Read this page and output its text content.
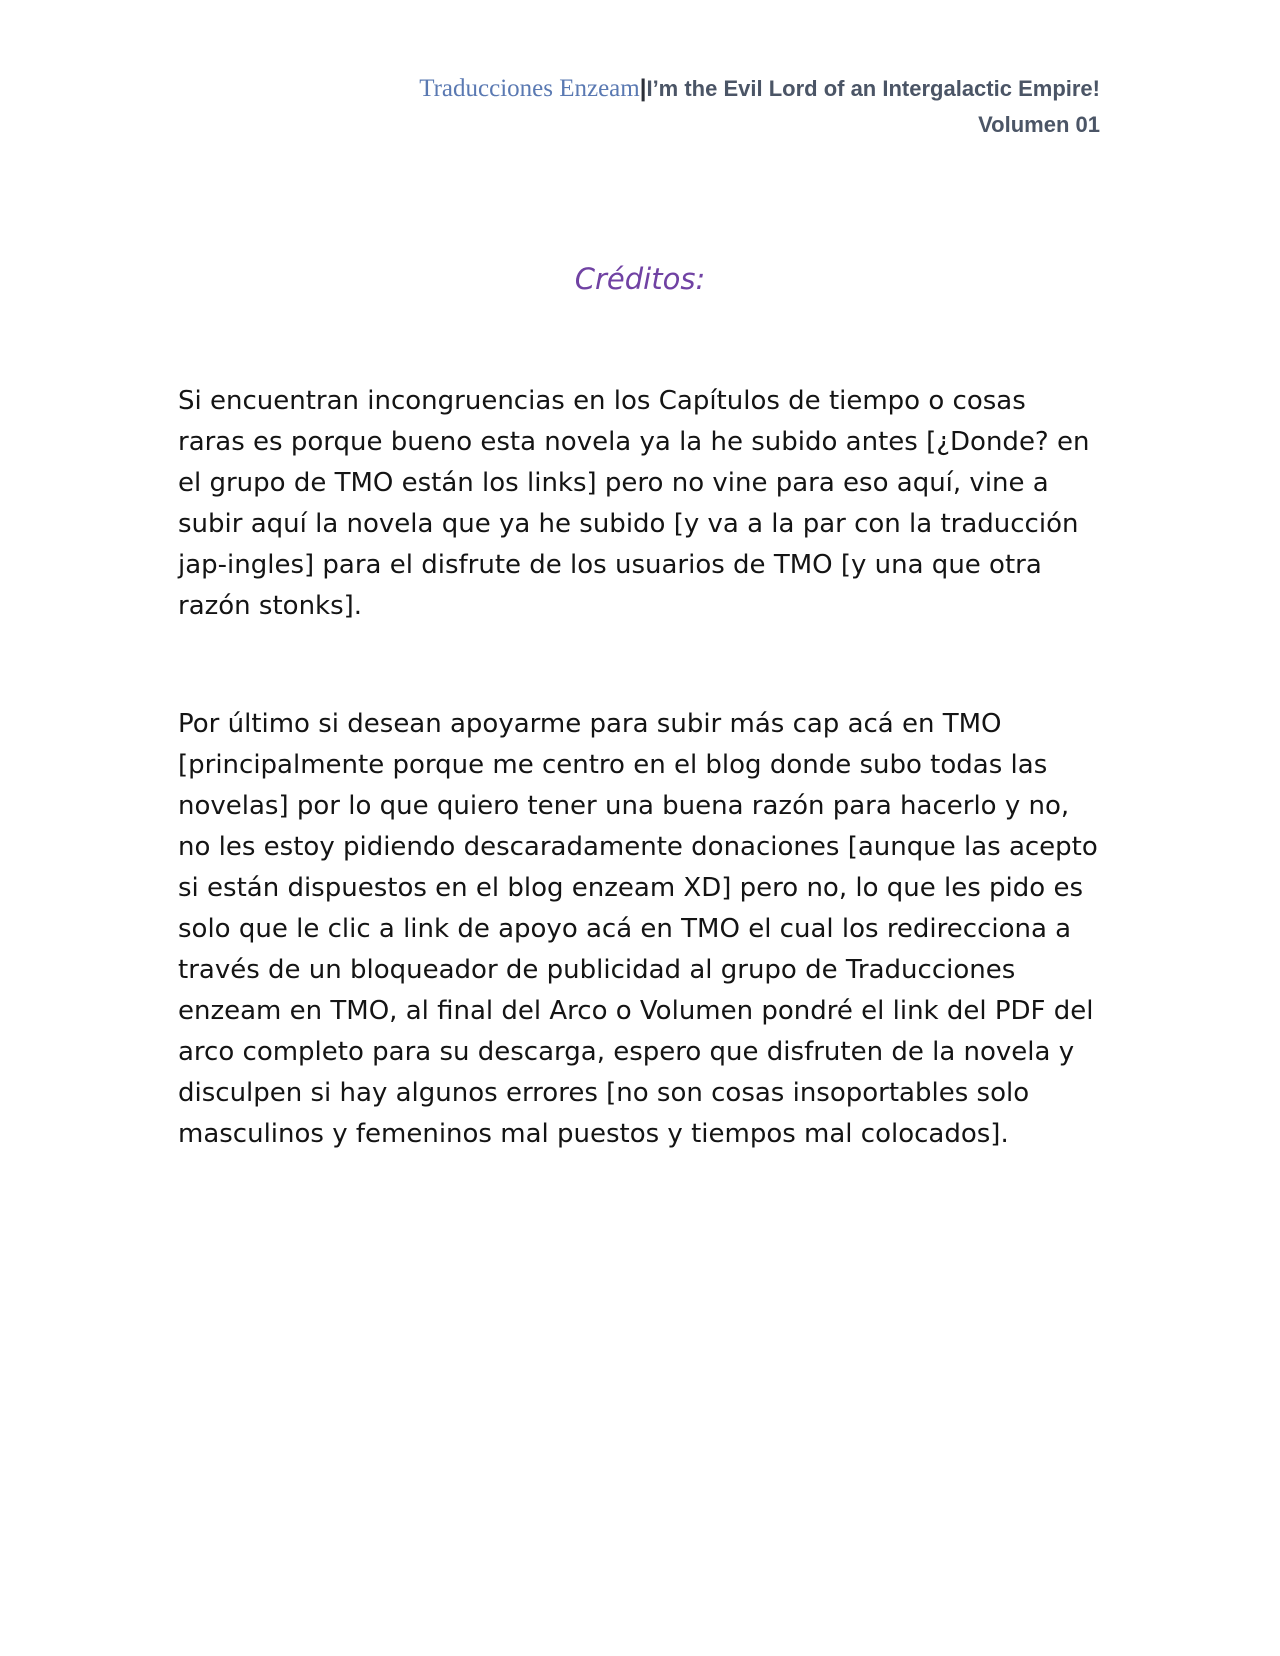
Traducciones Enzeam|I’m the Evil Lord of an Intergalactic Empire!
Volumen 01
Créditos:

Si encuentran incongruencias en los Capítulos de tiempo o cosas raras es porque bueno esta novela ya la he subido antes [¿Donde? en el grupo de TMO están los links] pero no vine para eso aquí, vine a subir aquí la novela que ya he subido [y va a la par con la traducción jap-ingles] para el disfrute de los usuarios de TMO [y una que otra razón stonks].

Por último si desean apoyarme para subir más cap acá en TMO [principalmente porque me centro en el blog donde subo todas las novelas] por lo que quiero tener una buena razón para hacerlo y no, no les estoy pidiendo descaradamente donaciones [aunque las acepto si están dispuestos en el blog enzeam XD] pero no, lo que les pido es solo que le clic a link de apoyo acá en TMO el cual los redirecciona a través de un bloqueador de publicidad al grupo de Traducciones enzeam en TMO, al final del Arco o Volumen pondré el link del PDF del arco completo para su descarga, espero que disfruten de la novela y disculpen si hay algunos errores [no son cosas insoportables solo masculinos y femeninos mal puestos y tiempos mal colocados].
